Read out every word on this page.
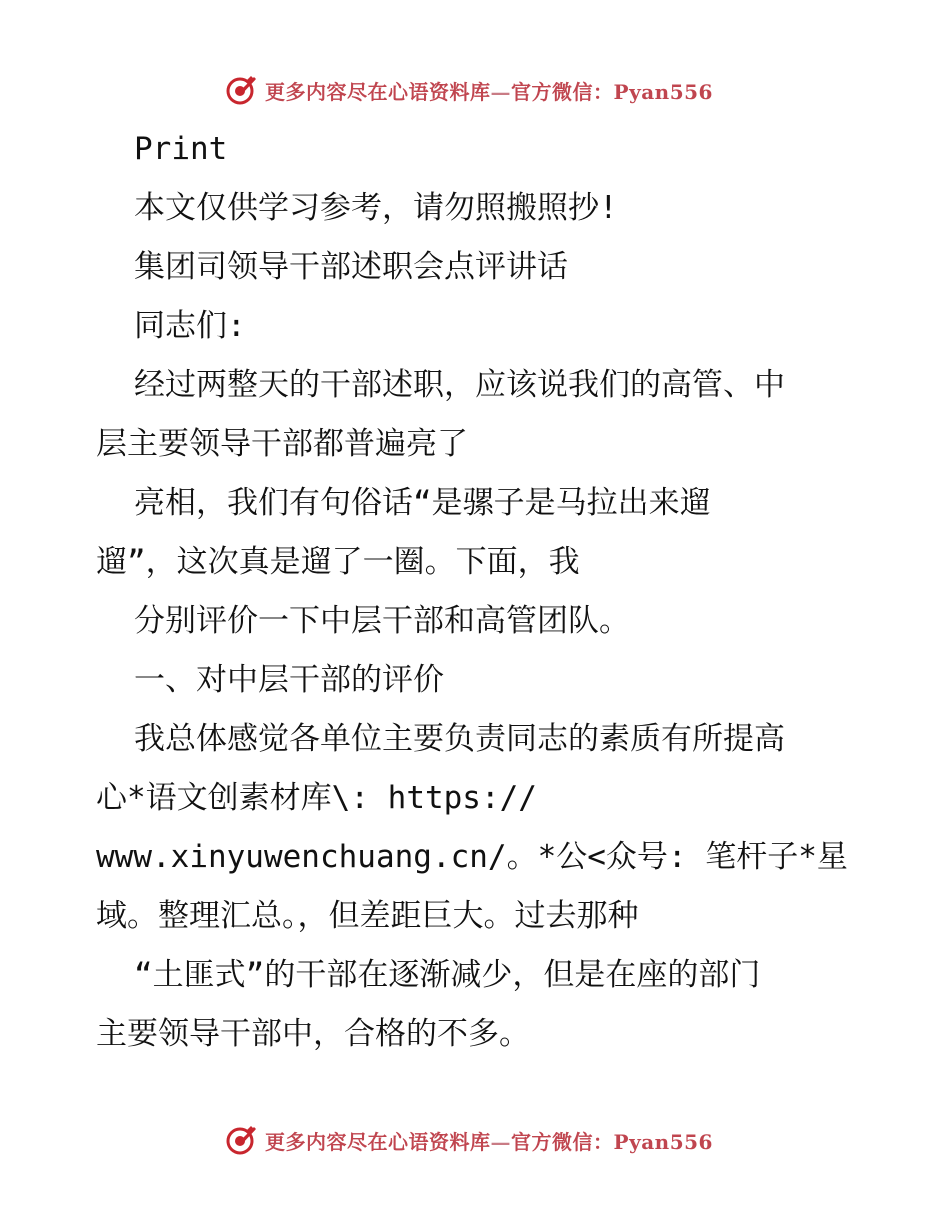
更多内容尽在心语资料库—官方微信：Pyan556
Print
本文仅供学习参考，请勿照搬照抄!
集团司领导干部述职会点评讲话
同志们:
经过两整天的干部述职，应该说我们的高管、中
层主要领导干部都普遍亮了
亮相，我们有句俗话“是骡子是马拉出来遛
遛”，这次真是遛了一圈。下面，我
分别评价一下中层干部和高管团队。
一、对中层干部的评价
我总体感觉各单位主要负责同志的素质有所提高
心*语文创素材库\: https://
www.xinyuwenchuang.cn/。*公<众号: 笔杆子*星
域。整理汇总。，但差距巨大。过去那种
“土匪式”的干部在逐渐减少，但是在座的部门
主要领导干部中，合格的不多。
更多内容尽在心语资料库—官方微信：Pyan556
